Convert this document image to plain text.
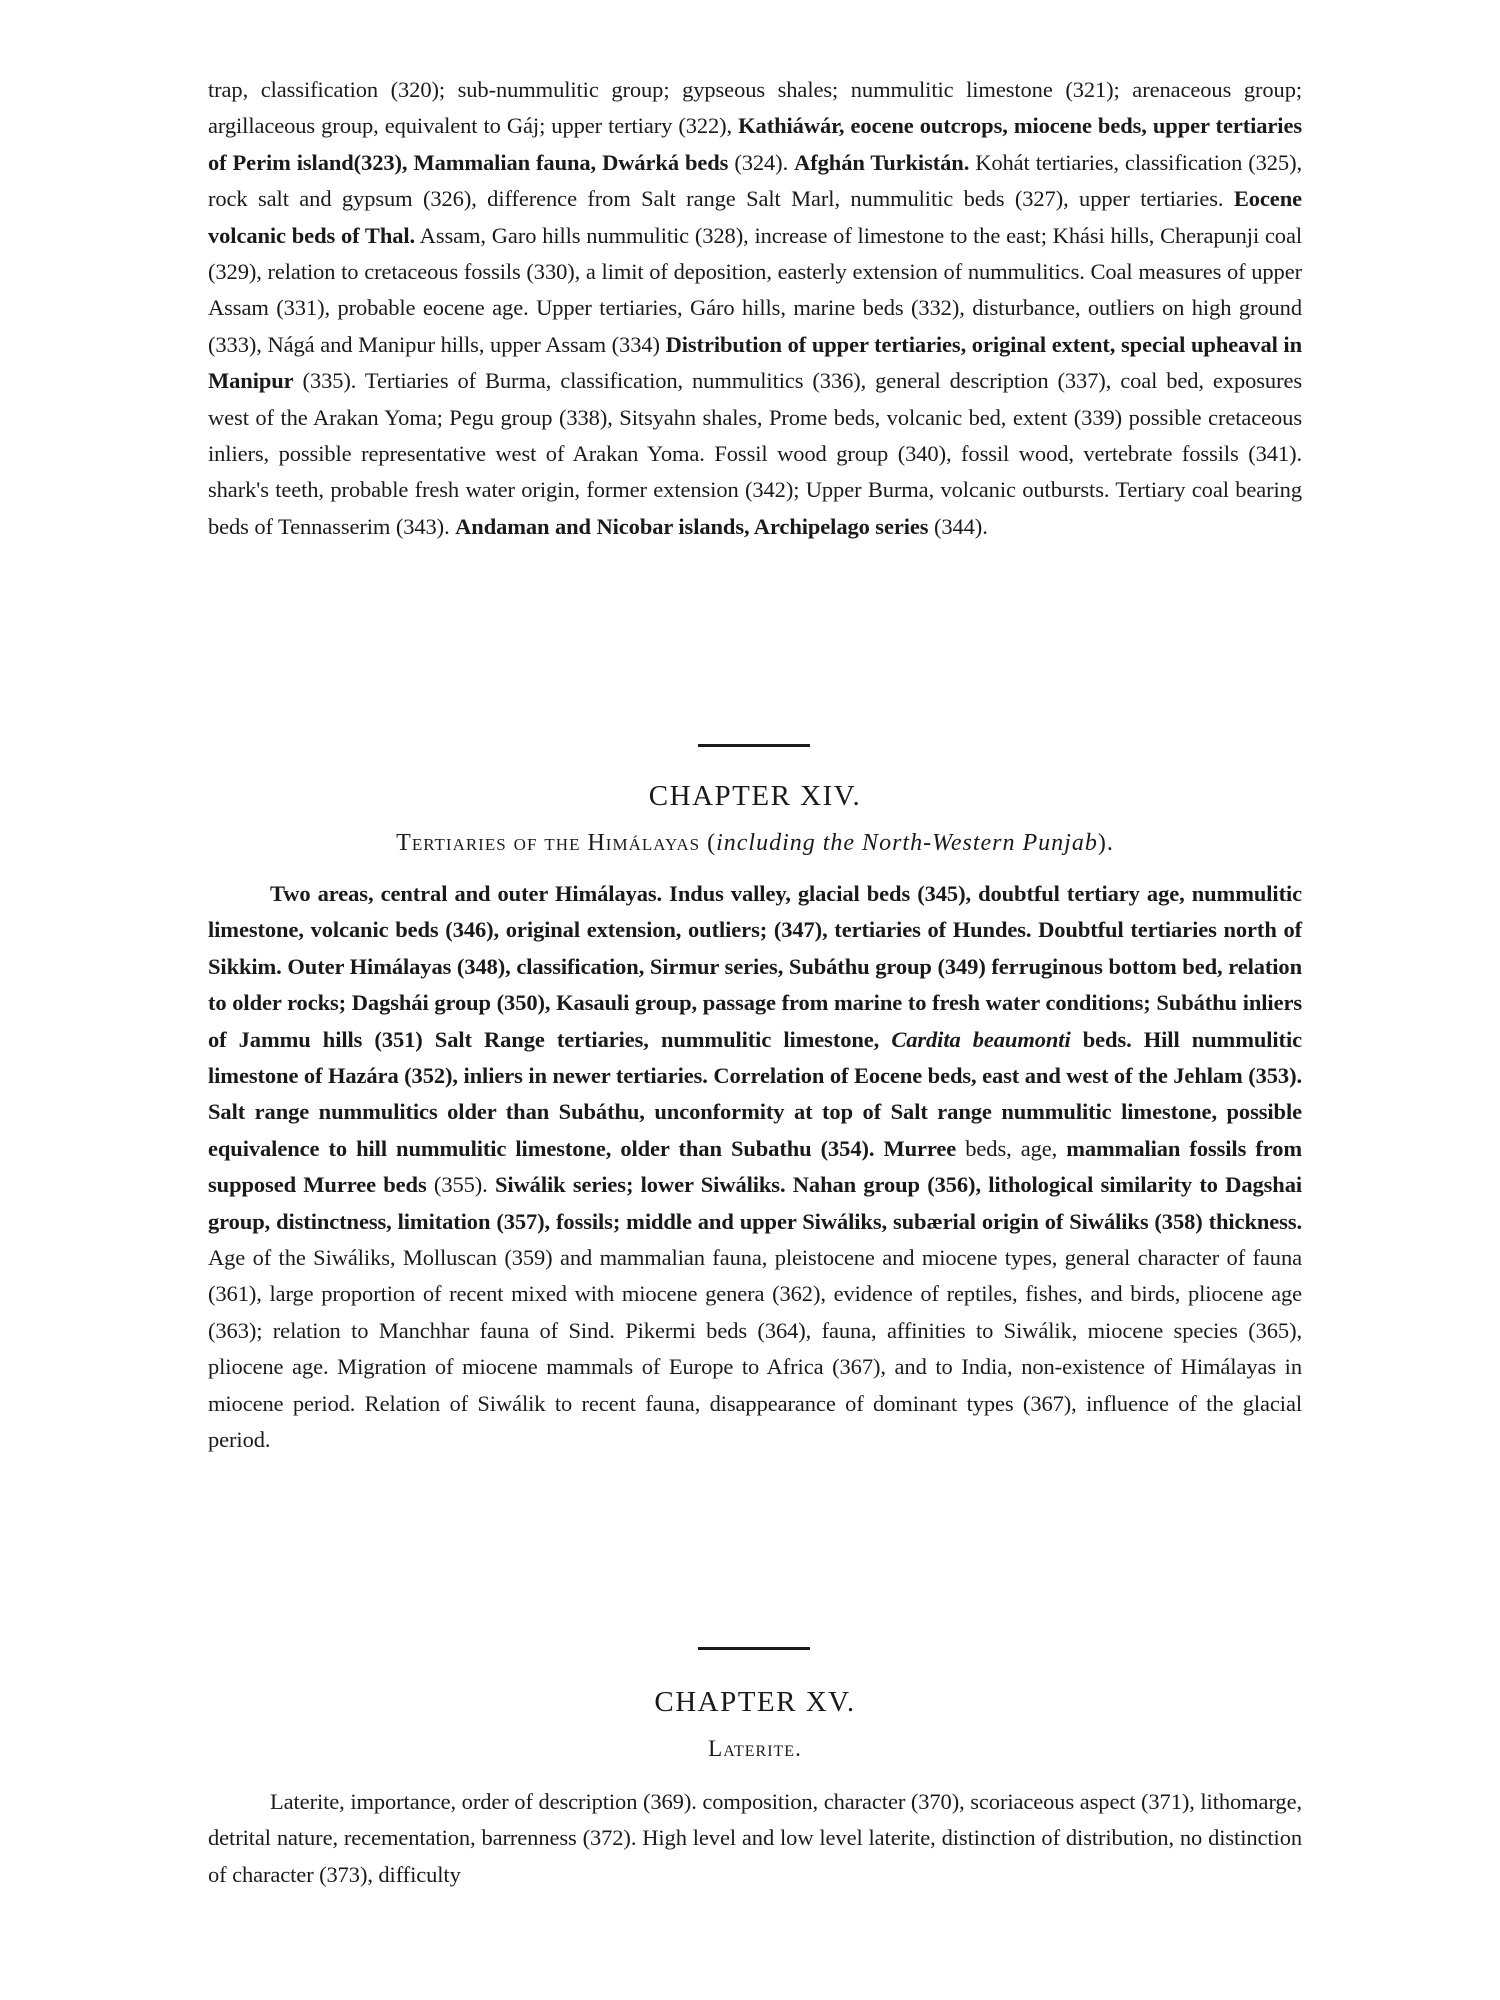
trap, classification (320); sub-nummulitic group; gypseous shales; nummulitic limestone (321); arenaceous group; argillaceous group, equivalent to Gáj; upper tertiary (322), Kathiáwár, eocene outcrops, miocene beds, upper tertiaries of Perim island(323), Mammalian fauna, Dwárká beds (324). Afghán Turkistán. Kohát tertiaries, classification (325), rock salt and gypsum (326), difference from Salt range Salt Marl, nummulitic beds (327), upper tertiaries. Eocene volcanic beds of Thal. Assam, Garo hills nummulitic (328), increase of limestone to the east; Khási hills, Cherapunji coal (329), relation to cretaceous fossils (330), a limit of deposition, easterly extension of nummulitics. Coal measures of upper Assam (331), probable eocene age. Upper tertiaries, Gáro hills, marine beds (332), disturbance, outliers on high ground (333), Nágá and Manipur hills, upper Assam (334) Distribution of upper tertiaries, original extent, special upheaval in Manipur (335). Tertiaries of Burma, classification, nummulitics (336), general description (337), coal bed, exposures west of the Arakan Yoma; Pegu group (338), Sitsyahn shales, Prome beds, volcanic bed, extent (339) possible cretaceous inliers, possible representative west of Arakan Yoma. Fossil wood group (340), fossil wood, vertebrate fossils (341). shark's teeth, probable fresh water origin, former extension (342); Upper Burma, volcanic outbursts. Tertiary coal bearing beds of Tennasserim (343). Andaman and Nicobar islands, Archipelago series (344).

CHAPTER XIV.

Tertiaries of the Himálayas (including the North-Western Punjab).

Two areas, central and outer Himálayas. Indus valley, glacial beds (345), doubtful tertiary age, nummulitic limestone, volcanic beds (346), original extension, outliers; (347), tertiaries of Hundes. Doubtful tertiaries north of Sikkim. Outer Himálayas (348), classification, Sirmur series, Subáthu group (349) ferruginous bottom bed, relation to older rocks; Dagshái group (350), Kasauli group, passage from marine to fresh water conditions; Subáthu inliers of Jammu hills (351) Salt Range tertiaries, nummulitic limestone, Cardita beaumonti beds. Hill nummulitic limestone of Hazára (352), inliers in newer tertiaries. Correlation of Eocene beds, east and west of the Jehlam (353). Salt range nummulitics older than Subáthu, unconformity at top of Salt range nummulitic limestone, possible equivalence to hill nummulitic limestone, older than Subathu (354). Murree beds, age, mammalian fossils from supposed Murree beds (355). Siwálik series; lower Siwáliks. Nahan group (356), lithological similarity to Dagshai group, distinctness, limitation (357), fossils; middle and upper Siwáliks, subærial origin of Siwáliks (358) thickness. Age of the Siwáliks, Molluscan (359) and mammalian fauna, pleistocene and miocene types, general character of fauna (361), large proportion of recent mixed with miocene genera (362), evidence of reptiles, fishes, and birds, pliocene age (363); relation to Manchhar fauna of Sind. Pikermi beds (364), fauna, affinities to Siwálik, miocene species (365), pliocene age. Migration of miocene mammals of Europe to Africa (367), and to India, non-existence of Himálayas in miocene period. Relation of Siwálik to recent fauna, disappearance of dominant types (367), influence of the glacial period.

CHAPTER XV.

Laterite.

Laterite, importance, order of description (369). composition, character (370), scoriaceous aspect (371), lithomarge, detrital nature, recementation, barrenness (372). High level and low level laterite, distinction of distribution, no distinction of character (373), difficulty
